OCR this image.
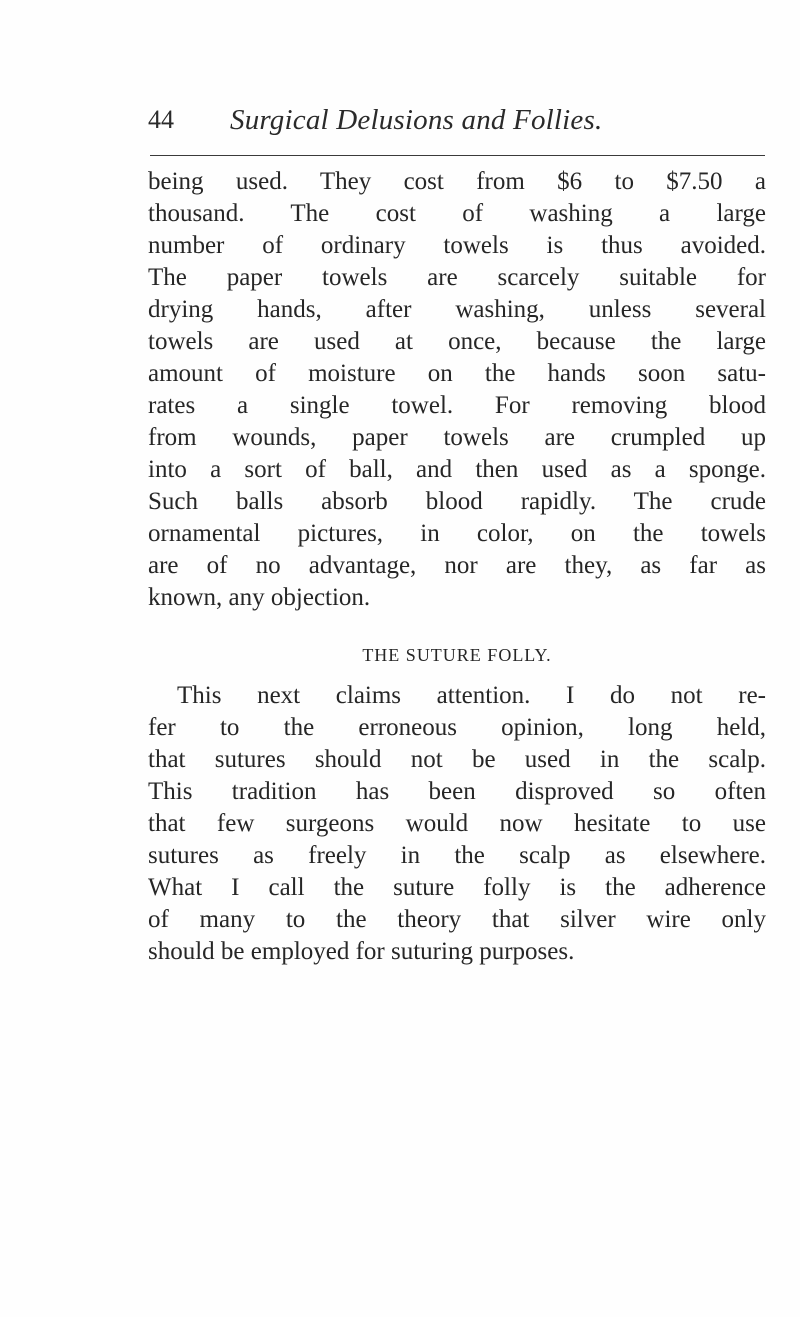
44 Surgical Delusions and Follies.
being used. They cost from $6 to $7.50 a
thousand. The cost of washing a large
number of ordinary towels is thus avoided.
The paper towels are scarcely suitable for
drying hands, after washing, unless several
towels are used at once, because the large
amount of moisture on the hands soon satu-
rates a single towel. For removing blood
from wounds, paper towels are crumpled up
into a sort of ball, and then used as a sponge.
Such balls absorb blood rapidly. The crude
ornamental pictures, in color, on the towels
are of no advantage, nor are they, as far as
known, any objection.
THE SUTURE FOLLY.
This next claims attention. I do not re-
fer to the erroneous opinion, long held,
that sutures should not be used in the scalp.
This tradition has been disproved so often
that few surgeons would now hesitate to use
sutures as freely in the scalp as elsewhere.
What I call the suture folly is the adherence
of many to the theory that silver wire only
should be employed for suturing purposes.
